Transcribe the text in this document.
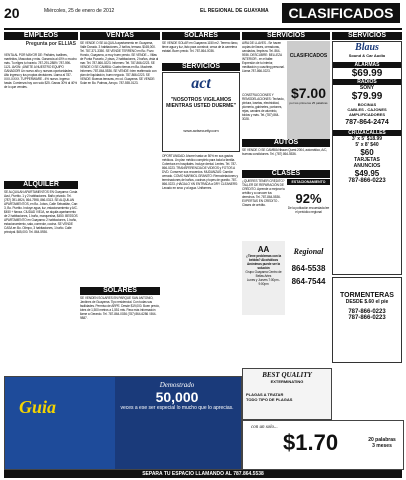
20	Miércoles, 25 de enero de 2012	EL REGIONAL DE GUAYAMA	CLASIFICADOS
EMPLEOS
Pregunta por ELLIAS
VENTA AL POR MAYOR DE: Pañales, toallines, martinitos, Mascotas y más. Ganancia al 40% o mucho más. Tu eliges tu horario. 787-291-2889 / 787-596-1121. AVON: ¡ÚNETE A NUESTRO EQUIPO GANADOR! Un nuevo año y nuevas oportunidades. Alto ingreso y tus propias decisiones. Llama al 787-XXX-XXXX. TUPPERWARE - 4% nuevo. Ingreso hasta: Comienza hoy con solo $25. Ganas 30% al 40% de lo que vendes.
ALQUILER
SE ALQUILAN APARTAMENTOS EN Guayama: Costa Azul, Pueblo. 1 y 2 habitaciones. Baño privado. Tel. (787) 391-6924, 864-7598, 866-0313. SE ALQUILAN APARTAMENTOS, en Bo. Jobos, Calle Sebastián, Carr. 3, Bo. Pueblo. Incluye agua, luz, estacionamiento y A/C. $450 + fianza. CIUDAD VIEJA, se alquila apartamento de 2 habitaciones, 1 baño, marquesina, $450. BESSOS APARTAMENTO en Guayama: 2 habitaciones, 1 baño, estacionamiento, sala, comedor, cocina. SE VENDE CASA en Bo. Olimpo, 3 habitaciones, 1 baño. Calle principal. $65,000. Tel. 864-5936.
VENTAS
SE VENDE O SE ALQUILA apartamento en Guayama, Valle Dorado. 3 habitaciones, 2 baños, terraza. $165,000. Tel. 787-371-3350. SE VENDE TERRENO en Bo. Pozo Hondo, Guayama, a muy buen precio. SE VENDE – Villas de Punta Pozuelo, 2 pisos, 2 habitaciones, 2 baños, vista al mar. Tel. 787-866-0223. Informes: Tel. 787-866-0223. SE VENDE O SE CAMBIA: Cuatro tierras en Bo. Machete. Informes: 787-864-5536. SE VENDE: bien reafirmado con plan de liquidación, buen negocio. 787-866-0223. SE VENDE: Buenas terrazas, en cd. Guayama. SE VENDE: Solar en Bo. Palmas, Arroyo. 787-555-0123.
SOLARES
SE VENDEN SOLARES EN PARQUE SAN ANTONIO, Jardines de Guayama. Tipo residencial. Con todas sus facilidades. Permiso de ARPE. Desde $19,000. Buen precio, lotes de 1,500 metros a 1,551 mts. Para más información llame a Gerardo. Tel. 787-864-0036 (787) 864-6286 / 864-9887.
SOLARES
SE VENDE SOLAR en Guayama 1150 m2. Terreno llano, tiene agua y luz, listo para construir, cerca de la carretera estatal. Buen precio. Tel. 787-864-0036.
SERVICIOS
act
"NOSOTROS VIGILAMOS MIENTRAS USTED DUERME"
www.actsecurity.com
OPORTUNIDAD: Ahorre hasta un 50% en sus gastos médicos. Un plan médico completo para toda la familia. Cobertura en hospitales. Incluye dental. Lentes. Tel. 787-866-0223. TRANSFERENCIA DE VIDEOS y FOTOS A DVD. Conserve sus recuerdos. MUDANZAS: Camión cerrado. COMO MARMOL GRANITO: Remodelaciones y terminaciones de baños, cocinas y topes de granito. 787-866-0223. ¡HÁGALO YA! ENTRADA a DRY CLEANERS: Lavado en seco y al agua. Uniformes.
SERVICIOS
AIRA DE LLAVES - Se hacen copias de llaves, cerraduras, candados, limpieza. Tel. 864-5936. DESCUBRE: BELLEZA INTERIOR - en el taller. Expresión de tu interior, meditación y coaching personal. Llama 787-866-0223.
CONSTRUCCIONES Y REMODELACIONES: Techado, pintura, losetas, electricidad, plomería, gabinetes, portones, rejas, canales de aluminio, toldos y más. Tel. (787) 864-3028.
CLASIFICADOS
$7.00
por los primeros 25 palabras
AUTOS
SE VENDE O SE CAMBIA Nissan Quest 2004, automático, A/C, buenas condiciones. Tel. (787) 864-5536.
CLASES
¿QUIERES TENER CRÉDITO? TALLER DE REPARACIÓN DE CRÉDITO. Aprende a mejorar tu crédito y a conocer tus derechos. Tel. 787-864-5536. EXPERTAS EN CREDITO - Clases de crédito.
ESTACIONAMIENTO
92%
De la población encuestada lee el periódico regional
AA
¿Tiene problemas con la bebida? Alcohólicos Anónimos puede ser la solución
Grupo Guayama Centro de Bellas Artes
Lunes y Jueves 7:00pm - 9:00pm
Regional
864-5538
864-7544
SERVICIOS
Blaus
Sound & Car Audio
ALARMAS
$69.99
RADIOS
SONY
$79.99
BOCINAS
CABLES - CAJONES
AMPLIFICADORES
787-864-2474
CRUZACALLES
3' x 5' $18.99
5' x 8' $40
$60
TARJETAS
ANUNCIOS
$49.95
787-866-0223
TORMENTERAS
DESDE $.60 el pie
787-866-0223
787-866-0223
BEST QUALITY
EXTERMINATING
PLAGAS A TRATAR
TODO TIPO DE PLAGAS
Guia
Demostrado
50,000
veces a ese ser especial lo mucho que lo aprecias.
con un solo...
$1.70	20 palabras 3 meses
SEPARA TU ESPACIO LLAMANDO AL 787.864.5538
